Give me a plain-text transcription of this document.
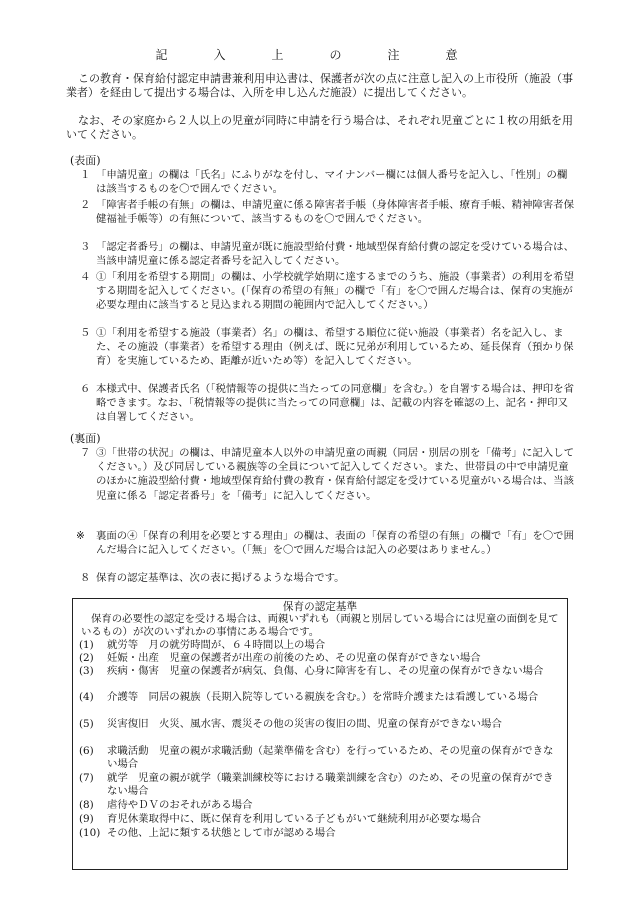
記　入　上　の　注　意

この教育・保育給付認定申請書兼利用申込書は、保護者が次の点に注意し記入の上市役所（施設（事業者）を経由して提出する場合は、入所を申し込んだ施設）に提出してください。

なお、その家庭から２人以上の児童が同時に申請を行う場合は、それぞれ児童ごとに１枚の用紙を用いてください。

(表面)
１ 「申請児童」の欄は「氏名」にふりがなを付し、マイナンバー欄には個人番号を記入し、「性別」の欄は該当するものを〇で囲んでください。
２ 「障害者手帳の有無」の欄は、申請児童に係る障害者手帳（身体障害者手帳、療育手帳、精神障害者保健福祉手帳等）の有無について、該当するものを〇で囲んでください。
３ 「認定者番号」の欄は、申請児童が既に施設型給付費・地域型保育給付費の認定を受けている場合は、当該申請児童に係る認定者番号を記入してください。
４ ①「利用を希望する期間」の欄は、小学校就学始期に達するまでのうち、施設（事業者）の利用を希望する期間を記入してください。(「保育の希望の有無」の欄で「有」を〇で囲んだ場合は、保育の実施が必要な理由に該当すると見込まれる期間の範囲内で記入してください。）
５ ①「利用を希望する施設（事業者）名」の欄は、希望する順位に従い施設（事業者）名を記入し、また、その施設（事業者）を希望する理由（例えば、既に兄弟が利用しているため、延長保育（預かり保育）を実施しているため、距離が近いため等）を記入してください。
６ 本様式中、保護者氏名（「税情報等の提供に当たっての同意欄」を含む。）を自署する場合は、押印を省略できます。なお、「税情報等の提供に当たっての同意欄」は、記載の内容を確認の上、記名・押印又は自署してください。
(裏面)
７ ③「世帯の状況」の欄は、申請児童本人以外の申請児童の両親（同居・別居の別を「備考」に記入してください。）及び同居している親族等の全員について記入してください。また、世帯員の中で申請児童のほかに施設型給付費・地域型保育給付費の教育・保育給付認定を受けている児童がいる場合は、当該児童に係る「認定者番号」を「備考」に記入してください。
※ 裏面の④「保育の利用を必要とする理由」の欄は、表面の「保育の希望の有無」の欄で「有」を〇で囲んだ場合に記入してください。（「無」を〇で囲んだ場合は記入の必要はありません。）
８ 保育の認定基準は、次の表に掲げるような場合です。
保育の認定基準
保育の必要性の認定を受ける場合は、両親いずれも（両親と別居している場合には児童の面倒を見ているもの）が次のいずれかの事情にある場合です。
(1) 就労等　月の就労時間が、６４時間以上の場合
(2) 妊娠・出産　児童の保護者が出産の前後のため、その児童の保育ができない場合
(3) 疾病・傷害　児童の保護者が病気、負傷、心身に障害を有し、その児童の保育ができない場合
(4) 介護等　同居の親族（長期入院等している親族を含む。）を常時介護または看護している場合
(5) 災害復旧　火災、風水害、震災その他の災害の復旧の間、児童の保育ができない場合
(6) 求職活動　児童の親が求職活動（起業準備を含む）を行っているため、その児童の保育ができない場合
(7) 就学　児童の親が就学（職業訓練校等における職業訓練を含む）のため、その児童の保育ができない場合
(8) 虐待やＤＶのおそれがある場合
(9) 育児休業取得中に、既に保育を利用している子どもがいて継続利用が必要な場合
(10) その他、上記に類する状態として市が認める場合
